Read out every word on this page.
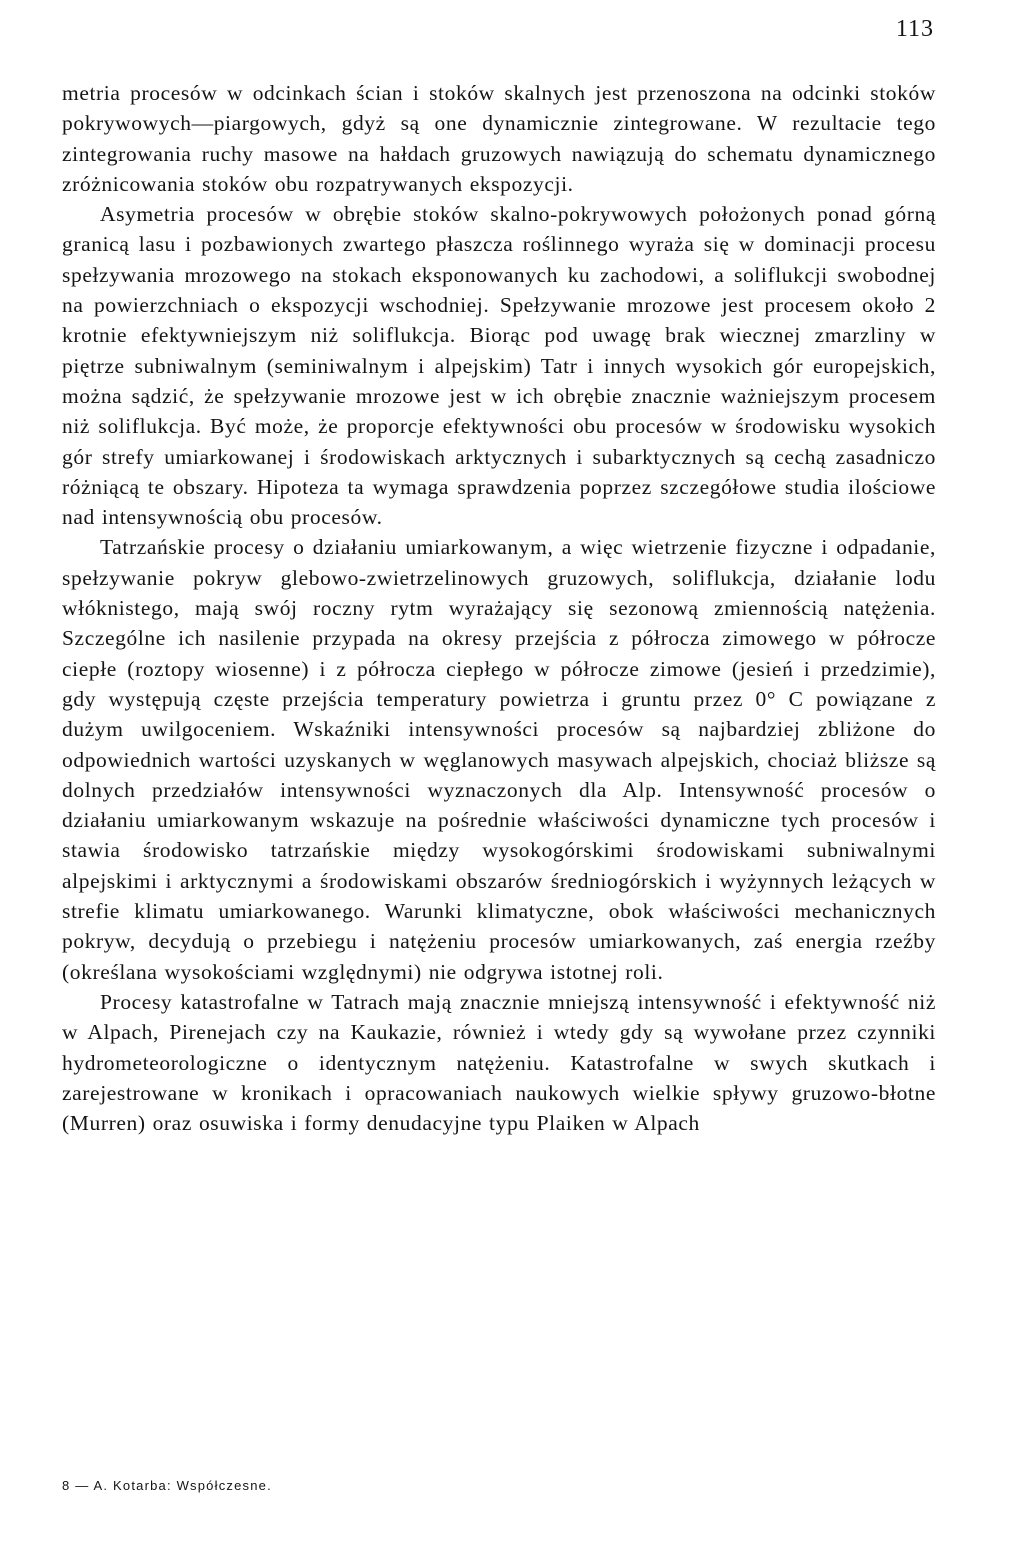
113

metria procesów w odcinkach ścian i stoków skalnych jest przenoszona na odcinki stoków pokrywowych—piargowych, gdyż są one dynamicznie zintegrowane. W rezultacie tego zintegrowania ruchy masowe na hałdach gruzowych nawiązują do schematu dynamicznego zróżnicowania stoków obu rozpatrywanych ekspozycji.

Asymetria procesów w obrębie stoków skalno-pokrywowych położonych ponad górną granicą lasu i pozbawionych zwartego płaszcza roślinnego wyraża się w dominacji procesu spełzywania mrozowego na stokach eksponowanych ku zachodowi, a soliflukcji swobodnej na powierzchniach o ekspozycji wschodniej. Spełzywanie mrozowe jest procesem około 2 krotnie efektywniejszym niż soliflukcja. Biorąc pod uwagę brak wiecznej zmarzliny w piętrze subniwalnym (seminiwalnym i alpejskim) Tatr i innych wysokich gór europejskich, można sądzić, że spełzywanie mrozowe jest w ich obrębie znacznie ważniejszym procesem niż soliflukcja. Być może, że proporcje efektywności obu procesów w środowisku wysokich gór strefy umiarkowanej i środowiskach arktycznych i subarktycznych są cechą zasadniczo różniącą te obszary. Hipoteza ta wymaga sprawdzenia poprzez szczegółowe studia ilościowe nad intensywnością obu procesów.

Tatrzańskie procesy o działaniu umiarkowanym, a więc wietrzenie fizyczne i odpadanie, spełzywanie pokryw glebowo-zwietrzelinowych gruzowych, soliflukcja, działanie lodu włóknistego, mają swój roczny rytm wyrażający się sezonową zmiennością natężenia. Szczególne ich nasilenie przypada na okresy przejścia z półrocza zimowego w półrocze ciepłe (roztopy wiosenne) i z półrocza ciepłego w półrocze zimowe (jesień i przedzimie), gdy występują częste przejścia temperatury powietrza i gruntu przez 0° C powiązane z dużym uwilgoceniem. Wskaźniki intensywności procesów są najbardziej zbliżone do odpowiednich wartości uzyskanych w węglanowych masywach alpejskich, chociaż bliższe są dolnych przedziałów intensywności wyznaczonych dla Alp. Intensywność procesów o działaniu umiarkowanym wskazuje na pośrednie właściwości dynamiczne tych procesów i stawia środowisko tatrzańskie między wysokogórskimi środowiskami subniwalnymi alpejskimi i arktycznymi a środowiskami obszarów średniogórskich i wyżynnych leżących w strefie klimatu umiarkowanego. Warunki klimatyczne, obok właściwości mechanicznych pokryw, decydują o przebiegu i natężeniu procesów umiarkowanych, zaś energia rzeźby (określana wysokościami względnymi) nie odgrywa istotnej roli.

Procesy katastrofalne w Tatrach mają znacznie mniejszą intensywność i efektywność niż w Alpach, Pirenejach czy na Kaukazie, również i wtedy gdy są wywołane przez czynniki hydrometeorologiczne o identycznym natężeniu. Katastrofalne w swych skutkach i zarejestrowane w kronikach i opracowaniach naukowych wielkie spływy gruzowo-błotne (Murren) oraz osuwiska i formy denudacyjne typu Plaiken w Alpach

8 — A. Kotarba: Współczesne.
